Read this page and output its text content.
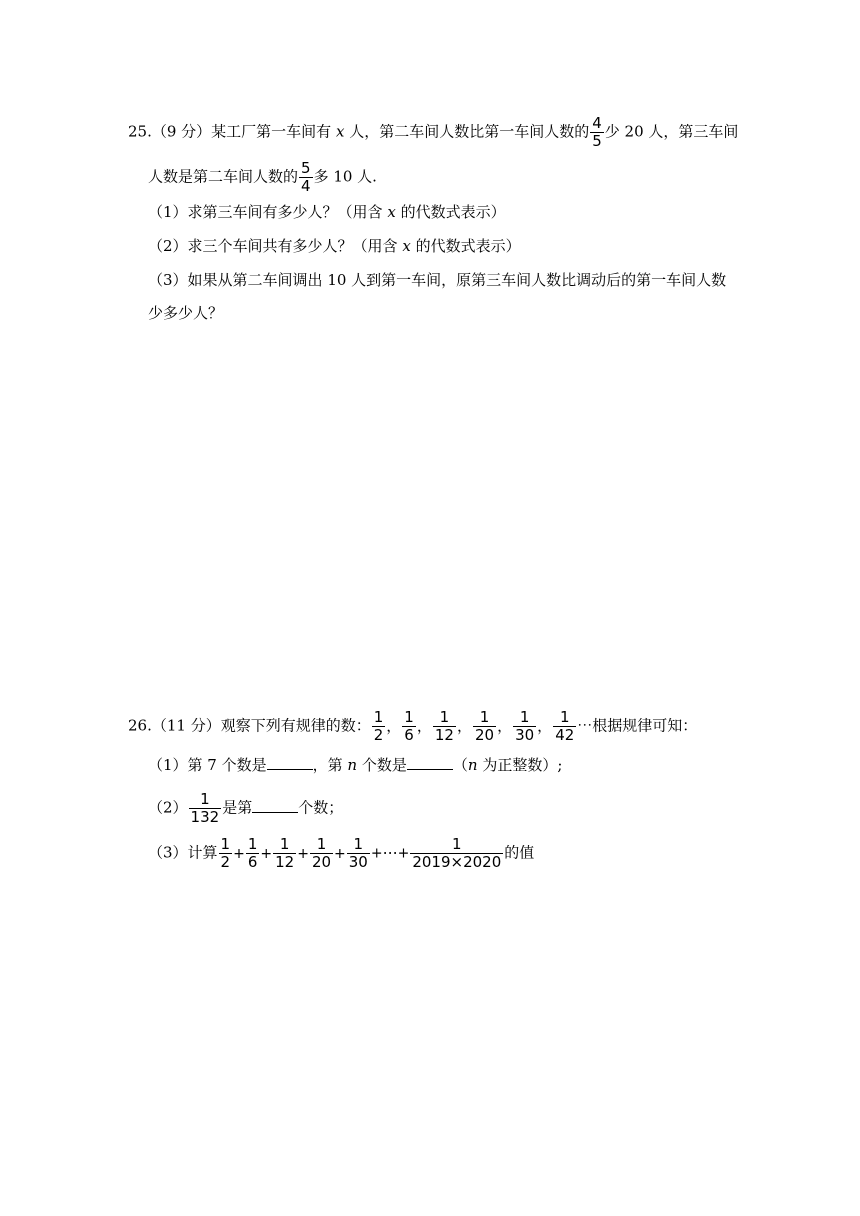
25.（9 分）某工厂第一车间有 x 人，第二车间人数比第一车间人数的 $\frac{4}{5}$ 少 20 人，第三车间
人数是第二车间人数的 $\frac{5}{4}$ 多 10 人.
（1）求第三车间有多少人？（用含 x 的代数式表示）
（2）求三个车间共有多少人？（用含 x 的代数式表示）
（3）如果从第二车间调出 10 人到第一车间，原第三车间人数比调动后的第一车间人数
少多少人？
26.（11 分）观察下列有规律的数： $\frac{1}{2}$ ， $\frac{1}{6}$ ， $\frac{1}{12}$ ， $\frac{1}{20}$ ， $\frac{1}{30}$ ， $\frac{1}{42}$ ⋯根据规律可知：
（1）第 7 个数是	，第 n 个数是	（n 为正整数）;
$(2) \frac{1}{132}$ 是第	个数；
（3）计算 $\frac{1}{2} + \frac{1}{6} + \frac{1}{12} + \frac{1}{20} + \frac{1}{30}$ +⋯+ $\frac{1}{2019\times 2020}$ 的值
